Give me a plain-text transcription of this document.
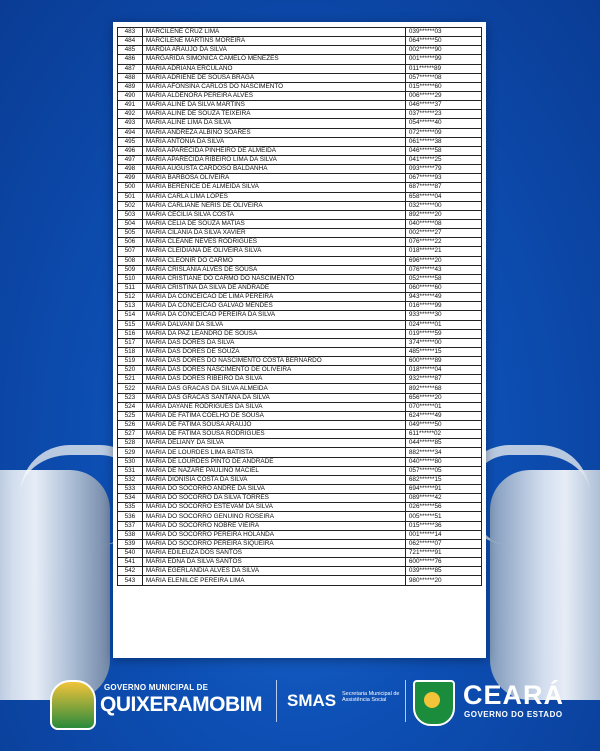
483	MARCILENE CRUZ LIMA	039******03
484	MARCILENE MARTINS MOREIRA	064******50
485	MARDIA ARAUJO DA SILVA	002******90
486	MARGARIDA SIMONICA CAMELO MENEZES	001******99
487	MARIA ADRIANA ERCULANO	011******89
488	MARIA ADRIENE DE SOUSA BRAGA	057******08
489	MARIA AFONSINA CARLOS DO NASCIMENTO	015******60
490	MARIA ALDENORA PEREIRA ALVES	006******29
491	MARIA ALINE DA SILVA MARTINS	046******37
492	MARIA ALINE DE SOUZA TEIXEIRA	037******23
493	MARIA ALINE LIMA DA SILVA	054******40
494	MARIA ANDREZA ALBINO SOARES	072******09
495	MARIA ANTONIA DA SILVA	061******38
496	MARIA APARECIDA PINHEIRO DE ALMEIDA	046******58
497	MARIA APARECIDA RIBEIRO LIMA DA SILVA	041******25
498	MARIA AUGUSTA CARDOSO BALDANHA	093******79
499	MARIA BARBOSA OLIVEIRA	067******93
500	MARIA BERENICE DE ALMEIDA SILVA	687******87
501	MARIA CARLA LIMA LOPES	658******04
502	MARIA CARLIANE NERIS DE OLIVEIRA	032******00
503	MARIA CECILIA SILVA COSTA	892******20
504	MARIA CELIA DE SOUZA MATIAS	040******08
505	MARIA CILANIA DA SILVA XAVIER	002******27
506	MARIA CLEANE NEVES RODRIGUES	076******22
507	MARIA CLEIDIANA DE OLIVEIRA SILVA	018******21
508	MARIA CLEONIR DO CARMO	696******20
509	MARIA CRISLANIA ALVES DE SOUSA	076******43
510	MARIA CRISTIANE DO CARMO DO NASCIMENTO	052******58
511	MARIA CRISTINA DA SILVA DE ANDRADE	060******60
512	MARIA DA CONCEICAO DE LIMA PEREIRA	943******49
513	MARIA DA CONCEICAO GALVAO MENDES	016******99
514	MARIA DA CONCEICAO PEREIRA DA SILVA	933******30
515	MARIA DALVANI DA SILVA	024******01
516	MARIA DA PAZ LEANDRO DE SOUSA	019******59
517	MARIA DAS DORES DA SILVA	374******00
518	MARIA DAS DORES DE SOUZA	485******15
519	MARIA DAS DORES DO NASCIMENTO COSTA BERNARDO	600******89
520	MARIA DAS DORES NASCIMENTO DE OLIVEIRA	018******04
521	MARIA DAS DORES RIBEIRO DA SILVA	932******87
522	MARIA DAS GRACAS DA SILVA ALMEIDA	892******68
523	MARIA DAS GRACAS SANTANA DA SILVA	656******20
524	MARIA DAYANE RODRIGUES DA SILVA	070******01
525	MARIA DE FATIMA COELHO DE SOUSA	624******49
526	MARIA DE FATIMA SOUSA ARAUJO	049******50
527	MARIA DE FATIMA SOUSA RODRIGUES	611******02
528	MARIA DELIANY DA SILVA	044******85
529	MARIA DE LOURDES LIMA BATISTA	882******34
530	MARIA DE LOURDES PINTO DE ANDRADE	040******80
531	MARIA DE NAZARE PAULINO MACIEL	057******05
532	MARIA DIONISIA COSTA DA SILVA	682******15
533	MARIA DO SOCORRO ANDRE DA SILVA	694******91
534	MARIA DO SOCORRO DA SILVA TORRES	089******42
535	MARIA DO SOCORRO ESTEVAM DA SILVA	026******56
536	MARIA DO SOCORRO GENUINO ROSEIRA	005******51
537	MARIA DO SOCORRO NOBRE VIEIRA	015******36
538	MARIA DO SOCORRO PEREIRA HOLANDA	001******14
539	MARIA DO SOCORRO PEREIRA SIQUEIRA	062******07
540	MARIA EDILEUZA DOS SANTOS	721******91
541	MARIA EDNA DA SILVA SANTOS	600******76
542	MARIA EGERLANDIA ALVES DA SILVA	039******85
543	MARIA ELENILCE PEREIRA LIMA	980******20
GOVERNO MUNICIPAL DE
QUIXERAMOBIM SMAS Secretaria Municipal de Assistência Social	CEARÁ
GOVERNO DO ESTADO
